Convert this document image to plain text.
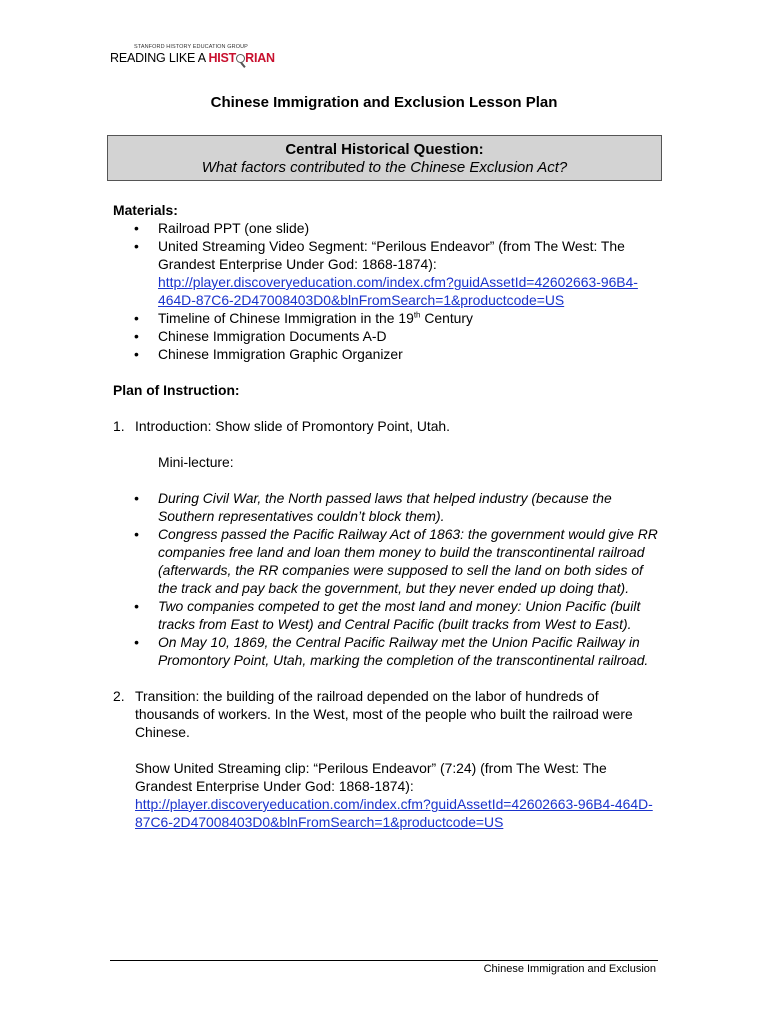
STANFORD HISTORY EDUCATION GROUP
READING LIKE A HIST RIAN
Chinese Immigration and Exclusion Lesson Plan
Central Historical Question:
What factors contributed to the Chinese Exclusion Act?
Materials:
• Railroad PPT (one slide)
• United Streaming Video Segment: “Perilous Endeavor” (from The West: The Grandest Enterprise Under God: 1868-1874):
http://player.discoveryeducation.com/index.cfm?guidAssetId=42602663-96B4-464D-87C6-2D47008403D0&blnFromSearch=1&productcode=US
• Timeline of Chinese Immigration in the 19th Century
• Chinese Immigration Documents A-D
• Chinese Immigration Graphic Organizer
Plan of Instruction:
1. Introduction: Show slide of Promontory Point, Utah.
Mini-lecture:
• During Civil War, the North passed laws that helped industry (because the Southern representatives couldn’t block them).
• Congress passed the Pacific Railway Act of 1863: the government would give RR companies free land and loan them money to build the transcontinental railroad (afterwards, the RR companies were supposed to sell the land on both sides of the track and pay back the government, but they never ended up doing that).
• Two companies competed to get the most land and money: Union Pacific (built tracks from East to West) and Central Pacific (built tracks from West to East).
• On May 10, 1869, the Central Pacific Railway met the Union Pacific Railway in Promontory Point, Utah, marking the completion of the transcontinental railroad.
2. Transition: the building of the railroad depended on the labor of hundreds of thousands of workers. In the West, most of the people who built the railroad were Chinese.
Show United Streaming clip: “Perilous Endeavor” (7:24) (from The West: The Grandest Enterprise Under God: 1868-1874):
http://player.discoveryeducation.com/index.cfm?guidAssetId=42602663-96B4-464D-87C6-2D47008403D0&blnFromSearch=1&productcode=US
Chinese Immigration and Exclusion
